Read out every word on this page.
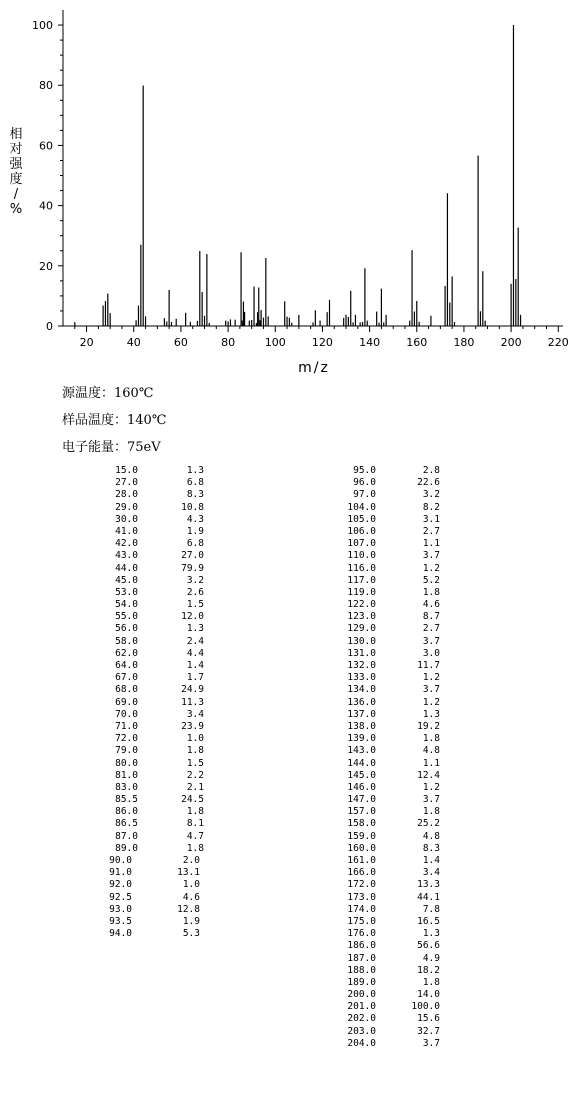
20	40	60	80	100 120 140 160 180 200 220
0
20
40
60
80
100
m/z
相对强度/ %
源温度：160℃
样品温度：140℃
电子能量：75eV
15.0	1.3
27.0	6.8
28.0	8.3
29.0	10.8
30.0	4.3
41.0	1.9
42.0	6.8
43.0	27.0
44.0	79.9
45.0	3.2
53.0	2.6
54.0	1.5
55.0	12.0
56.0	1.3
58.0	2.4
62.0	4.4
64.0	1.4
67.0	1.7
68.0	24.9
69.0	11.3
70.0	3.4
71.0	23.9
72.0	1.0
79.0	1.8
80.0	1.5
81.0	2.2
83.0	2.1
85.5	24.5
86.0	1.8
86.5	8.1
87.0	4.7
89.0	1.8
90.0	2.0
91.0	13.1
92.0	1.0
92.5	4.6
93.0	12.8
93.5	1.9
94.0	5.3
95.0	2.8
96.0	22.6
97.0	3.2
104.0	8.2
105.0	3.1
106.0	2.7
107.0	1.1
110.0	3.7
116.0	1.2
117.0	5.2
119.0	1.8
122.0	4.6
123.0	8.7
129.0	2.7
130.0	3.7
131.0	3.0
132.0	11.7
133.0	1.2
134.0	3.7
136.0	1.2
137.0	1.3
138.0	19.2
139.0	1.8
143.0	4.8
144.0	1.1
145.0	12.4
146.0	1.2
147.0	3.7
157.0	1.8
158.0	25.2
159.0	4.8
160.0	8.3
161.0	1.4
166.0	3.4
172.0	13.3
173.0	44.1
174.0	7.8
175.0	16.5
176.0	1.3
186.0	56.6
187.0	4.9
188.0	18.2
189.0	1.8
200.0	14.0
201.0	100.0
202.0	15.6
203.0	32.7
204.0	3.7
